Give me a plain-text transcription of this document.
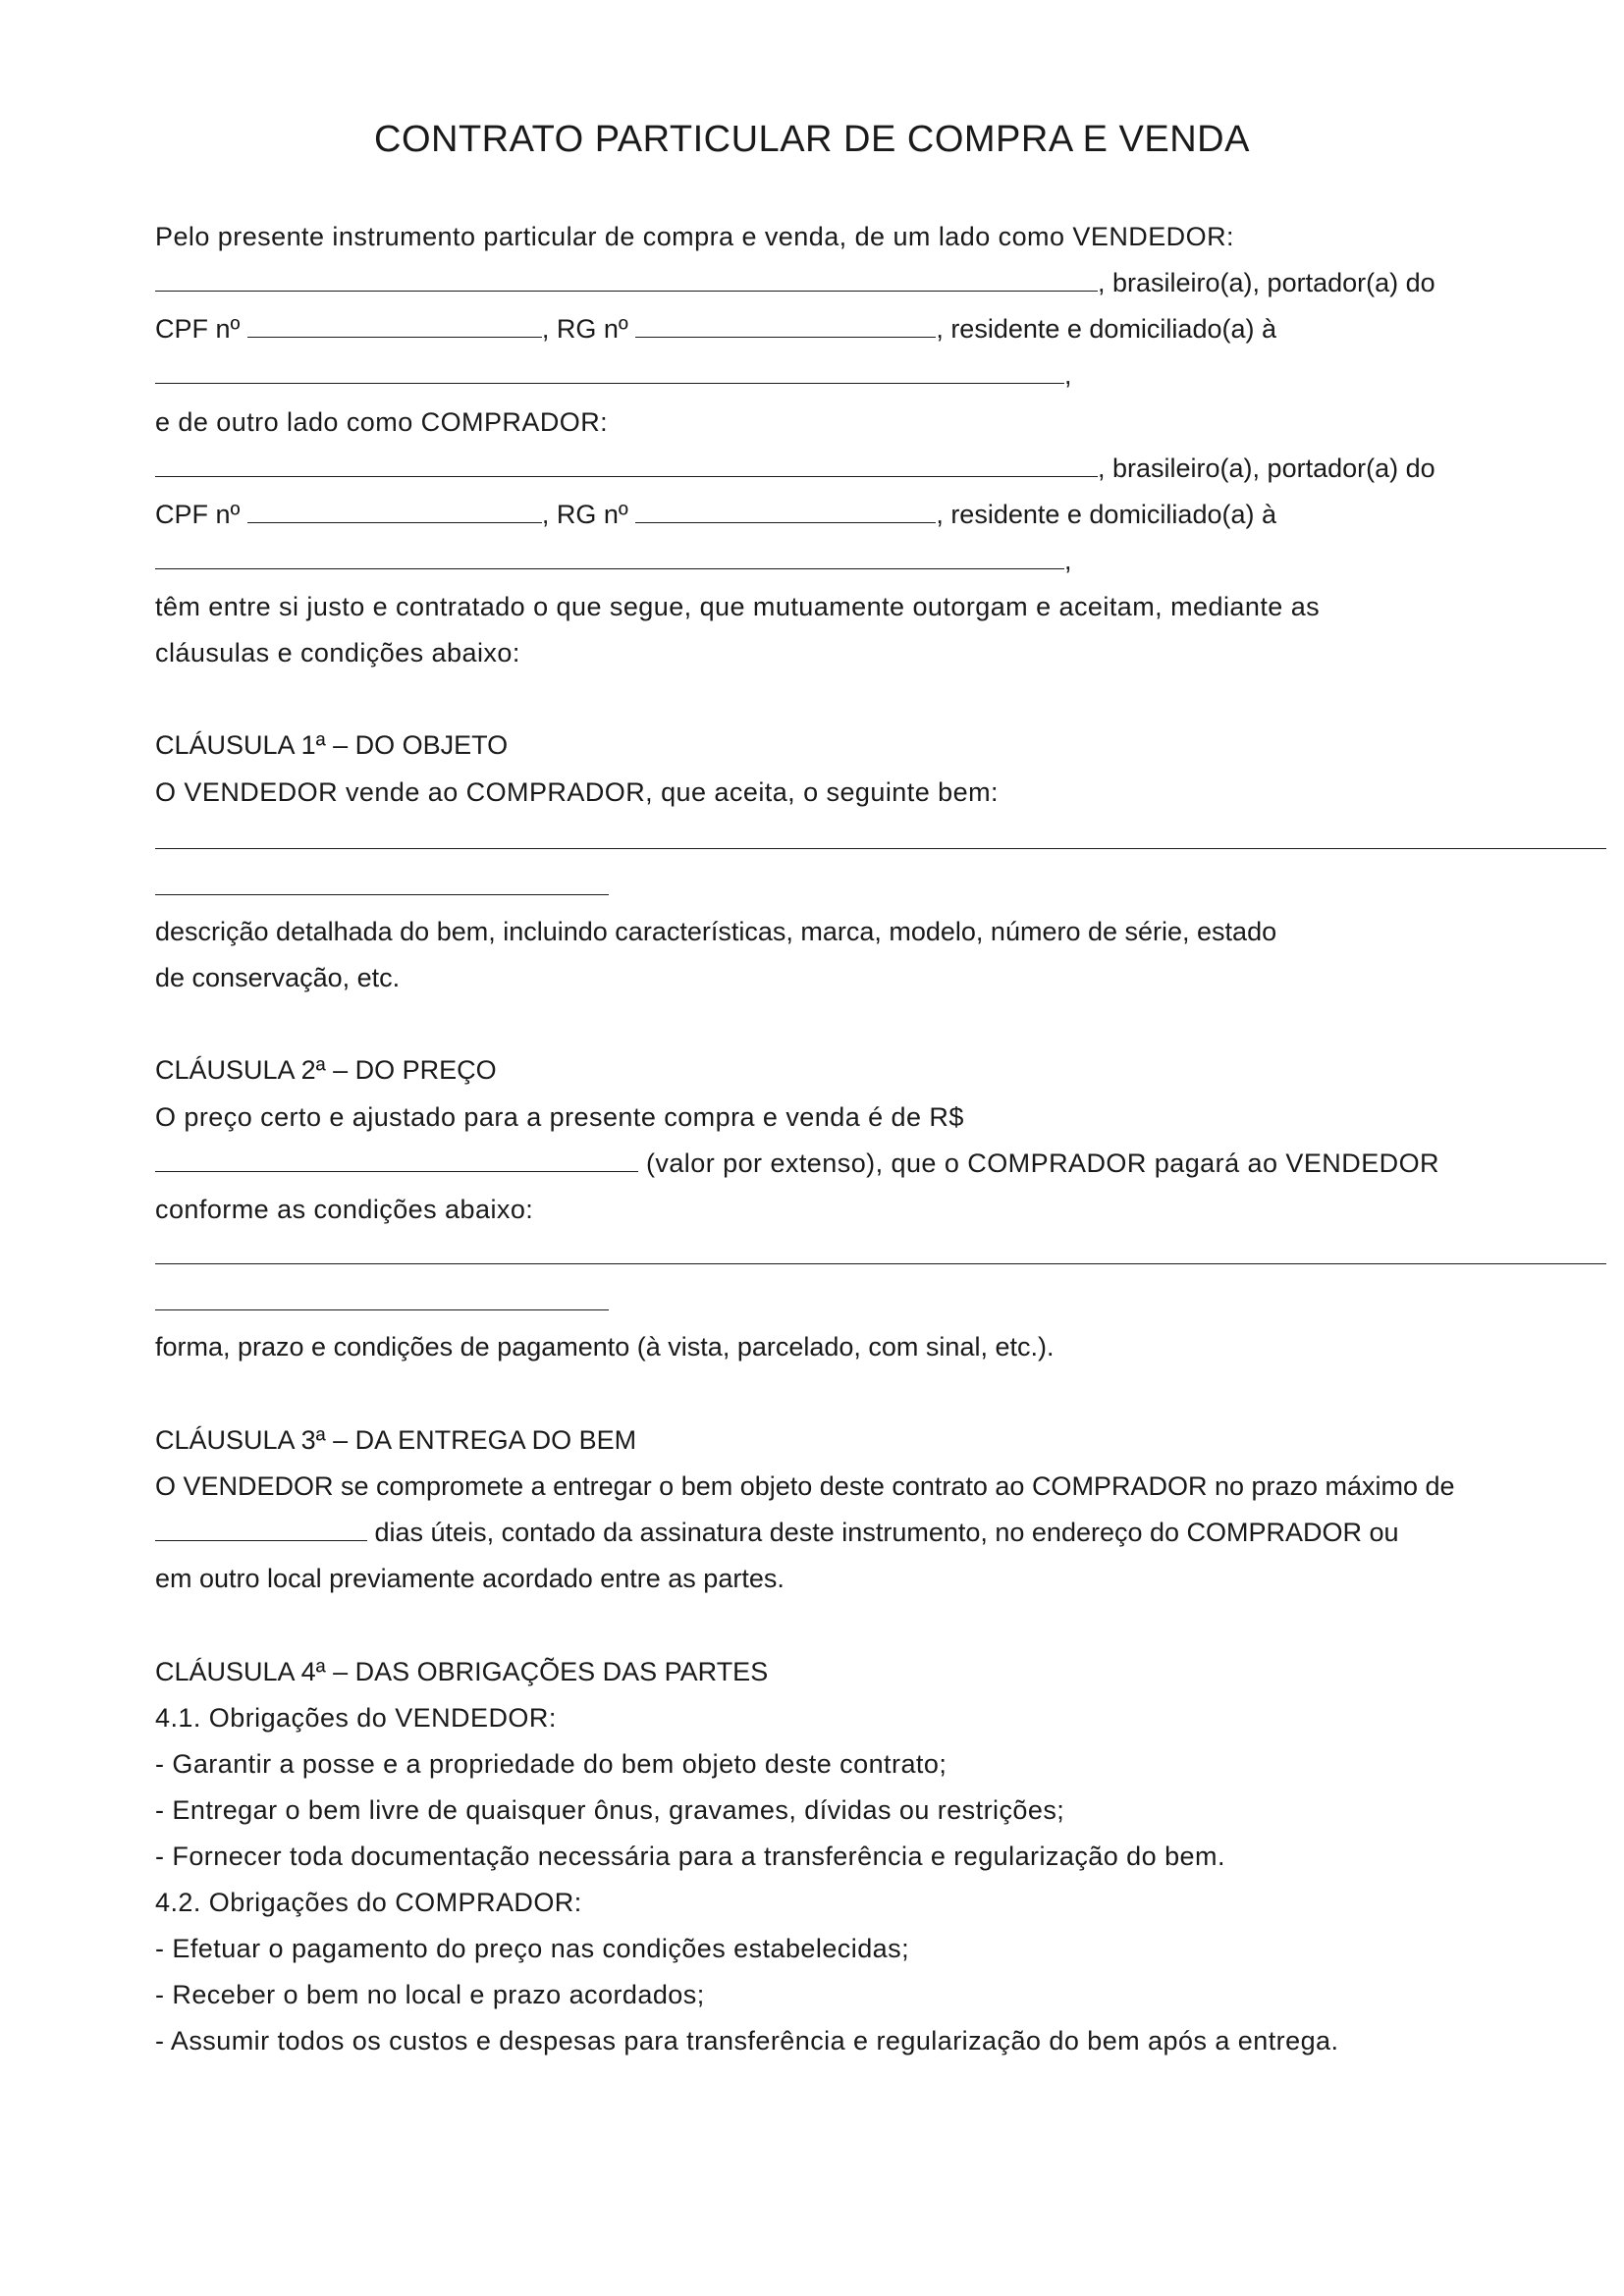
CONTRATO PARTICULAR DE COMPRA E VENDA
Pelo presente instrumento particular de compra e venda, de um lado como VENDEDOR:
, brasileiro(a), portador(a) do
CPF nº	, RG nº	, residente e domiciliado(a) à
,
e de outro lado como COMPRADOR:
, brasileiro(a), portador(a) do
CPF nº	, RG nº	, residente e domiciliado(a) à
,
têm entre si justo e contratado o que segue, que mutuamente outorgam e aceitam, mediante as
cláusulas e condições abaixo:
CLÁUSULA 1ª – DO OBJETO
O VENDEDOR vende ao COMPRADOR, que aceita, o seguinte bem:
descrição detalhada do bem, incluindo características, marca, modelo, número de série, estado
de conservação, etc.
CLÁUSULA 2ª – DO PREÇO
O preço certo e ajustado para a presente compra e venda é de R$
(valor por extenso), que o COMPRADOR pagará ao VENDEDOR
conforme as condições abaixo:
forma, prazo e condições de pagamento (à vista, parcelado, com sinal, etc.).
CLÁUSULA 3ª – DA ENTREGA DO BEM
O VENDEDOR se compromete a entregar o bem objeto deste contrato ao COMPRADOR no prazo máximo de
dias úteis, contado da assinatura deste instrumento, no endereço do COMPRADOR ou
em outro local previamente acordado entre as partes.
CLÁUSULA 4ª – DAS OBRIGAÇÕES DAS PARTES
4.1. Obrigações do VENDEDOR:
- Garantir a posse e a propriedade do bem objeto deste contrato;
- Entregar o bem livre de quaisquer ônus, gravames, dívidas ou restrições;
- Fornecer toda documentação necessária para a transferência e regularização do bem.
4.2. Obrigações do COMPRADOR:
- Efetuar o pagamento do preço nas condições estabelecidas;
- Receber o bem no local e prazo acordados;
- Assumir todos os custos e despesas para transferência e regularização do bem após a entrega.
